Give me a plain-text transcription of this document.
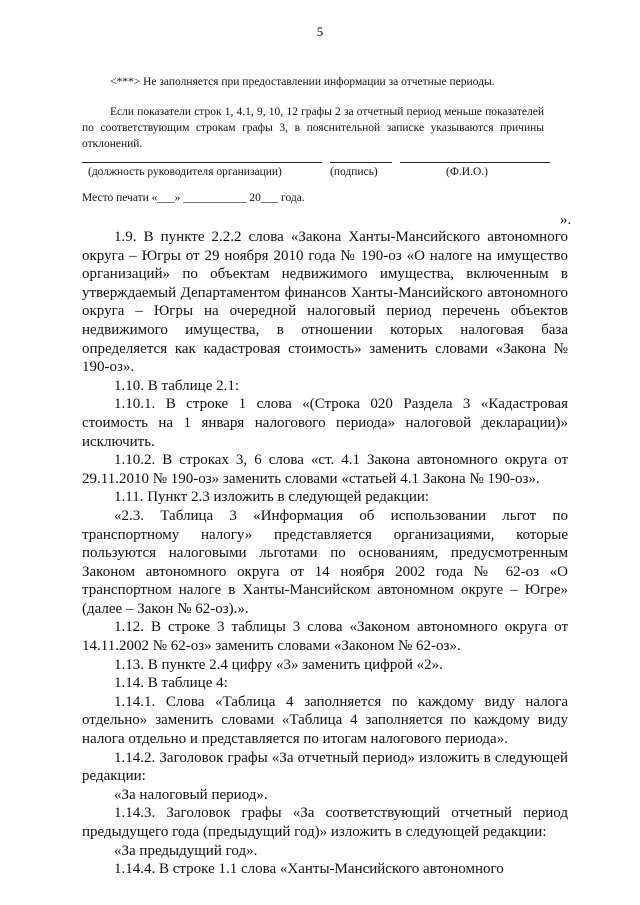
5
<***> Не заполняется при предоставлении информации за отчетные периоды.
Если показатели строк 1, 4.1, 9, 10, 12 графы 2 за отчетный период меньше показателей по соответствующим строкам графы 3, в пояснительной записке указываются причины отклонений.
(должность руководителя организации)	(подпись)	(Ф.И.О.)
Место печати «___» ___________ 20___ года.
».

1.9. В пункте 2.2.2 слова «Закона Ханты-Мансийского автономного округа – Югры от 29 ноября 2010 года № 190-оз «О налоге на имущество организаций» по объектам недвижимого имущества, включенным в утверждаемый Департаментом финансов Ханты-Мансийского автономного округа – Югры на очередной налоговый период перечень объектов недвижимого имущества, в отношении которых налоговая база определяется как кадастровая стоимость» заменить словами «Закона № 190-оз».

1.10. В таблице 2.1:

1.10.1. В строке 1 слова «(Строка 020 Раздела 3 «Кадастровая стоимость на 1 января налогового периода» налоговой декларации)» исключить.

1.10.2. В строках 3, 6 слова «ст. 4.1 Закона автономного округа от 29.11.2010 № 190-оз» заменить словами «статьей 4.1 Закона № 190-оз».

1.11. Пункт 2.3 изложить в следующей редакции:

«2.3. Таблица 3 «Информация об использовании льгот по транспортному налогу» представляется организациями, которые пользуются налоговыми льготами по основаниям, предусмотренным Законом автономного округа от 14 ноября 2002 года № 62-оз «О транспортном налоге в Ханты-Мансийском автономном округе – Югре» (далее – Закон № 62-оз).».

1.12. В строке 3 таблицы 3 слова «Законом автономного округа от 14.11.2002 № 62-оз» заменить словами «Законом № 62-оз».

1.13. В пункте 2.4 цифру «3» заменить цифрой «2».

1.14. В таблице 4:

1.14.1. Слова «Таблица 4 заполняется по каждому виду налога отдельно» заменить словами «Таблица 4 заполняется по каждому виду налога отдельно и представляется по итогам налогового периода».

1.14.2. Заголовок графы «За отчетный период» изложить в следующей редакции:

«За налоговый период».

1.14.3. Заголовок графы «За соответствующий отчетный период предыдущего года (предыдущий год)» изложить в следующей редакции:

«За предыдущий год».

1.14.4. В строке 1.1 слова «Ханты-Мансийского автономного
